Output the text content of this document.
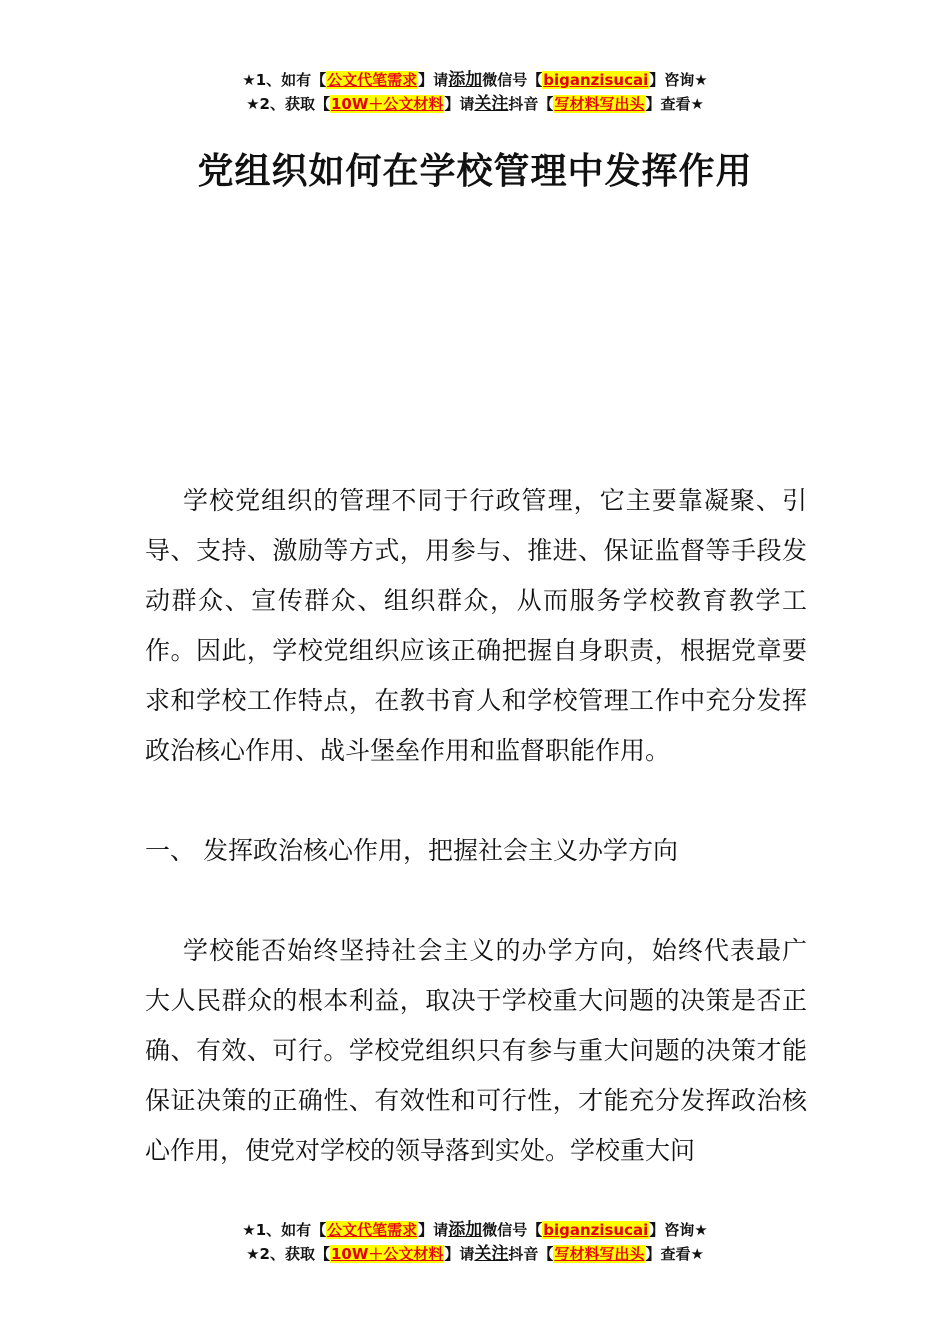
★1、如有【公文代笔需求】请添加微信号【biganzisucai】咨询★
★2、获取【10W＋公文材料】请关注抖音【写材料写出头】查看★
党组织如何在学校管理中发挥作用

学校党组织的管理不同于行政管理，它主要靠凝聚、引导、支持、激励等方式，用参与、推进、保证监督等手段发动群众、宣传群众、组织群众，从而服务学校教育教学工作。因此，学校党组织应该正确把握自身职责，根据党章要求和学校工作特点，在教书育人和学校管理工作中充分发挥政治核心作用、战斗堡垒作用和监督职能作用。

一、 发挥政治核心作用，把握社会主义办学方向

学校能否始终坚持社会主义的办学方向，始终代表最广大人民群众的根本利益，取决于学校重大问题的决策是否正确、有效、可行。学校党组织只有参与重大问题的决策才能保证决策的正确性、有效性和可行性，才能充分发挥政治核心作用，使党对学校的领导落到实处。学校重大问

★1、如有【公文代笔需求】请添加微信号【biganzisucai】咨询★
★2、获取【10W＋公文材料】请关注抖音【写材料写出头】查看★
